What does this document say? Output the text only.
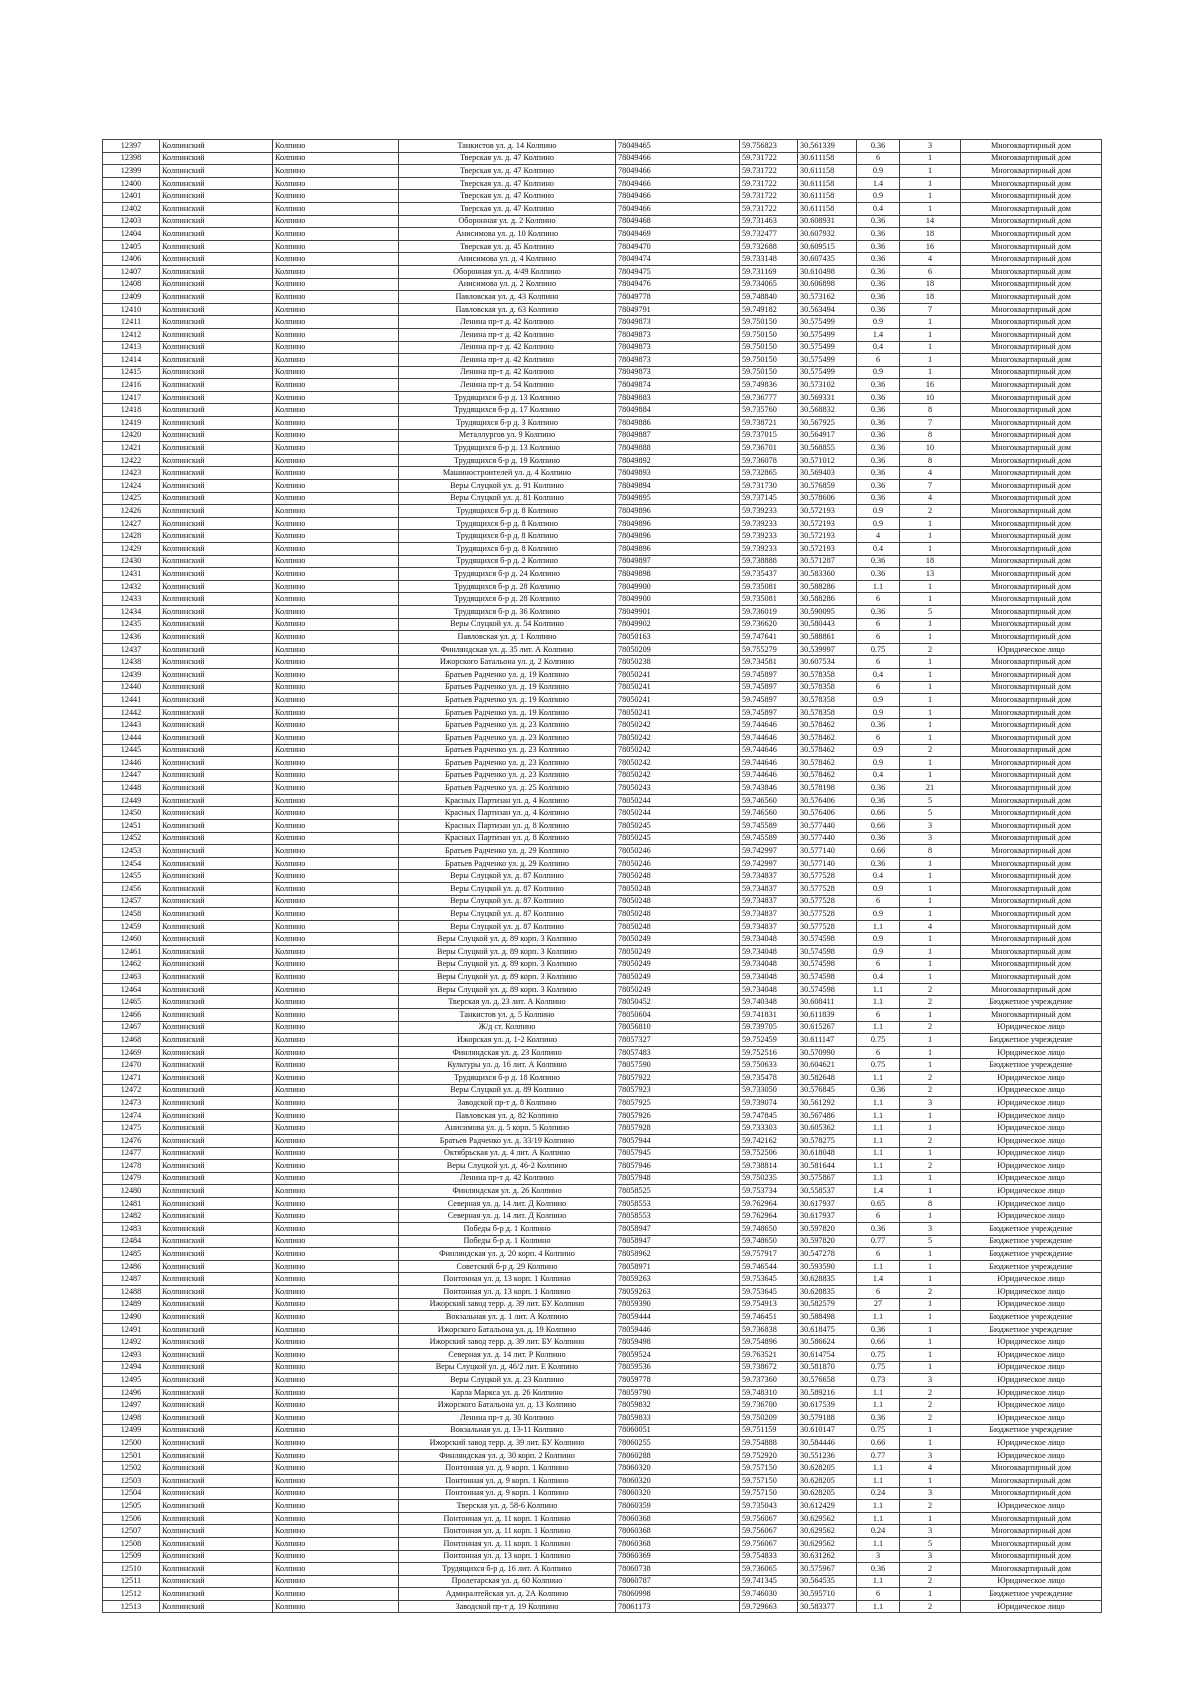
12397	Колпинский	Колпино	Танкистов ул. д. 14 Колпино	78049465	59.756823	30.561339	0.36	3	Многоквартирный дом
12398	Колпинский	Колпино	Тверская ул. д. 47 Колпино	78049466	59.731722	30.611158	6	1	Многоквартирный дом
12399	Колпинский	Колпино	Тверская ул. д. 47 Колпино	78049466	59.731722	30.611158	0.9	1	Многоквартирный дом
12400	Колпинский	Колпино	Тверская ул. д. 47 Колпино	78049466	59.731722	30.611158	1.4	1	Многоквартирный дом
12401	Колпинский	Колпино	Тверская ул. д. 47 Колпино	78049466	59.731722	30.611158	0.9	1	Многоквартирный дом
12402	Колпинский	Колпино	Тверская ул. д. 47 Колпино	78049466	59.731722	30.611158	0.4	1	Многоквартирный дом
12403	Колпинский	Колпино	Оборонная ул. д. 2 Колпино	78049468	59.731463	30.608931	0.36	14	Многоквартирный дом
12404	Колпинский	Колпино	Анисимова ул. д. 10 Колпино	78049469	59.732477	30.607932	0.36	18	Многоквартирный дом
12405	Колпинский	Колпино	Тверская ул. д. 45 Колпино	78049470	59.732688	30.609515	0.36	16	Многоквартирный дом
12406	Колпинский	Колпино	Анисимова ул. д. 4 Колпино	78049474	59.733148	30.607435	0.36	4	Многоквартирный дом
12407	Колпинский	Колпино	Оборонная ул. д. 4/49 Колпино	78049475	59.731169	30.610498	0.36	6	Многоквартирный дом
12408	Колпинский	Колпино	Анисимова ул. д. 2 Колпино	78049476	59.734065	30.606898	0.36	18	Многоквартирный дом
12409	Колпинский	Колпино	Павловская ул. д. 43 Колпино	78049778	59.748840	30.573162	0.36	18	Многоквартирный дом
12410	Колпинский	Колпино	Павловская ул. д. 63 Колпино	78049791	59.749182	30.563494	0.36	7	Многоквартирный дом
12411	Колпинский	Колпино	Ленина пр-т д. 42 Колпино	78049873	59.750150	30.575499	0.9	1	Многоквартирный дом
12412	Колпинский	Колпино	Ленина пр-т д. 42 Колпино	78049873	59.750150	30.575499	1.4	1	Многоквартирный дом
12413	Колпинский	Колпино	Ленина пр-т д. 42 Колпино	78049873	59.750150	30.575499	0.4	1	Многоквартирный дом
12414	Колпинский	Колпино	Ленина пр-т д. 42 Колпино	78049873	59.750150	30.575499	6	1	Многоквартирный дом
12415	Колпинский	Колпино	Ленина пр-т д. 42 Колпино	78049873	59.750150	30.575499	0.9	1	Многоквартирный дом
12416	Колпинский	Колпино	Ленина пр-т д. 54 Колпино	78049874	59.749836	30.573102	0.36	16	Многоквартирный дом
12417	Колпинский	Колпино	Трудящихся б-р д. 13 Колпино	78049883	59.736777	30.569331	0.36	10	Многоквартирный дом
12418	Колпинский	Колпино	Трудящихся б-р д. 17 Колпино	78049884	59.735760	30.568832	0.36	8	Многоквартирный дом
12419	Колпинский	Колпино	Трудящихся б-р д. 3 Колпино	78049886	59.738721	30.567925	0.36	7	Многоквартирный дом
12420	Колпинский	Колпино	Металлургов ул. 9 Колпино	78049887	59.737015	30.564917	0.36	8	Многоквартирный дом
12421	Колпинский	Колпино	Трудящихся б-р д. 13 Колпино	78049888	59.736701	30.568855	0.36	10	Многоквартирный дом
12422	Колпинский	Колпино	Трудящихся б-р д. 19 Колпино	78049892	59.736078	30.571012	0.36	8	Многоквартирный дом
12423	Колпинский	Колпино	Машиностроителей ул. д. 4 Колпино	78049893	59.732865	30.569403	0.36	4	Многоквартирный дом
12424	Колпинский	Колпино	Веры Слуцкой ул. д. 91 Колпино	78049894	59.731730	30.576859	0.36	7	Многоквартирный дом
12425	Колпинский	Колпино	Веры Слуцкой ул. д. 81 Колпино	78049895	59.737145	30.578606	0.36	4	Многоквартирный дом
12426	Колпинский	Колпино	Трудящихся б-р д. 8 Колпино	78049896	59.739233	30.572193	0.9	2	Многоквартирный дом
12427	Колпинский	Колпино	Трудящихся б-р д. 8 Колпино	78049896	59.739233	30.572193	0.9	1	Многоквартирный дом
12428	Колпинский	Колпино	Трудящихся б-р д. 8 Колпино	78049896	59.739233	30.572193	4	1	Многоквартирный дом
12429	Колпинский	Колпино	Трудящихся б-р д. 8 Колпино	78049896	59.739233	30.572193	0.4	1	Многоквартирный дом
12430	Колпинский	Колпино	Трудящихся б-р д. 2 Колпино	78049897	59.738888	30.571287	0.36	18	Многоквартирный дом
12431	Колпинский	Колпино	Трудящихся б-р д. 24 Колпино	78049898	59.735437	30.583360	0.36	13	Многоквартирный дом
12432	Колпинский	Колпино	Трудящихся б-р д. 28 Колпино	78049900	59.735081	30.588286	1.1	1	Многоквартирный дом
12433	Колпинский	Колпино	Трудящихся б-р д. 28 Колпино	78049900	59.735081	30.588286	6	1	Многоквартирный дом
12434	Колпинский	Колпино	Трудящихся б-р д. 36 Колпино	78049901	59.736019	30.590095	0.36	5	Многоквартирный дом
12435	Колпинский	Колпино	Веры Слуцкой ул. д. 54 Колпино	78049902	59.736620	30.580443	6	1	Многоквартирный дом
12436	Колпинский	Колпино	Павловская ул. д. 1 Колпино	78050163	59.747641	30.588861	6	1	Многоквартирный дом
12437	Колпинский	Колпино	Финляндская ул. д. 35 лит. А Колпино	78050209	59.755279	30.539997	0.75	2	Юридическое лицо
12438	Колпинский	Колпино	Ижорского Батальона ул. д. 2 Колпино	78050238	59.734581	30.607534	6	1	Многоквартирный дом
12439	Колпинский	Колпино	Братьев Радченко ул. д. 19 Колпино	78050241	59.745897	30.578358	0.4	1	Многоквартирный дом
12440	Колпинский	Колпино	Братьев Радченко ул. д. 19 Колпино	78050241	59.745897	30.578358	6	1	Многоквартирный дом
12441	Колпинский	Колпино	Братьев Радченко ул. д. 19 Колпино	78050241	59.745897	30.578358	0.9	1	Многоквартирный дом
12442	Колпинский	Колпино	Братьев Радченко ул. д. 19 Колпино	78050241	59.745897	30.578358	0.9	1	Многоквартирный дом
12443	Колпинский	Колпино	Братьев Радченко ул. д. 23 Колпино	78050242	59.744646	30.578462	0.36	1	Многоквартирный дом
12444	Колпинский	Колпино	Братьев Радченко ул. д. 23 Колпино	78050242	59.744646	30.578462	6	1	Многоквартирный дом
12445	Колпинский	Колпино	Братьев Радченко ул. д. 23 Колпино	78050242	59.744646	30.578462	0.9	2	Многоквартирный дом
12446	Колпинский	Колпино	Братьев Радченко ул. д. 23 Колпино	78050242	59.744646	30.578462	0.9	1	Многоквартирный дом
12447	Колпинский	Колпино	Братьев Радченко ул. д. 23 Колпино	78050242	59.744646	30.578462	0.4	1	Многоквартирный дом
12448	Колпинский	Колпино	Братьев Радченко ул. д. 25 Колпино	78050243	59.743846	30.578198	0.36	21	Многоквартирный дом
12449	Колпинский	Колпино	Красных Партизан ул. д. 4 Колпино	78050244	59.746560	30.576406	0.36	5	Многоквартирный дом
12450	Колпинский	Колпино	Красных Партизан ул. д. 4 Колпино	78050244	59.746560	30.576406	0.66	5	Многоквартирный дом
12451	Колпинский	Колпино	Красных Партизан ул. д. 8 Колпино	78050245	59.745589	30.577440	0.66	3	Многоквартирный дом
12452	Колпинский	Колпино	Красных Партизан ул. д. 8 Колпино	78050245	59.745589	30.577440	0.36	3	Многоквартирный дом
12453	Колпинский	Колпино	Братьев Радченко ул. д. 29 Колпино	78050246	59.742997	30.577140	0.66	8	Многоквартирный дом
12454	Колпинский	Колпино	Братьев Радченко ул. д. 29 Колпино	78050246	59.742997	30.577140	0.36	1	Многоквартирный дом
12455	Колпинский	Колпино	Веры Слуцкой ул. д. 87 Колпино	78050248	59.734837	30.577528	0.4	1	Многоквартирный дом
12456	Колпинский	Колпино	Веры Слуцкой ул. д. 87 Колпино	78050248	59.734837	30.577528	0.9	1	Многоквартирный дом
12457	Колпинский	Колпино	Веры Слуцкой ул. д. 87 Колпино	78050248	59.734837	30.577528	6	1	Многоквартирный дом
12458	Колпинский	Колпино	Веры Слуцкой ул. д. 87 Колпино	78050248	59.734837	30.577528	0.9	1	Многоквартирный дом
12459	Колпинский	Колпино	Веры Слуцкой ул. д. 87 Колпино	78050248	59.734837	30.577528	1.1	4	Многоквартирный дом
12460	Колпинский	Колпино	Веры Слуцкой ул. д. 89 корп. 3 Колпино	78050249	59.734048	30.574598	0.9	1	Многоквартирный дом
12461	Колпинский	Колпино	Веры Слуцкой ул. д. 89 корп. 3 Колпино	78050249	59.734048	30.574598	0.9	1	Многоквартирный дом
12462	Колпинский	Колпино	Веры Слуцкой ул. д. 89 корп. 3 Колпино	78050249	59.734048	30.574598	6	1	Многоквартирный дом
12463	Колпинский	Колпино	Веры Слуцкой ул. д. 89 корп. 3 Колпино	78050249	59.734048	30.574598	0.4	1	Многоквартирный дом
12464	Колпинский	Колпино	Веры Слуцкой ул. д. 89 корп. 3 Колпино	78050249	59.734048	30.574598	1.1	2	Многоквартирный дом
12465	Колпинский	Колпино	Тверская ул. д. 23 лит. А Колпино	78050452	59.740348	30.608411	1.1	2	Бюджетное учреждение
12466	Колпинский	Колпино	Танкистов ул. д. 5 Колпино	78050604	59.741831	30.611839	6	1	Многоквартирный дом
12467	Колпинский	Колпино	Ж/д ст. Колпино	78056810	59.739705	30.615267	1.1	2	Юридическое лицо
12468	Колпинский	Колпино	Ижорская ул. д. 1-2 Колпино	78057327	59.752459	30.611147	0.75	1	Бюджетное учреждение
12469	Колпинский	Колпино	Финляндская ул. д. 23 Колпино	78057483	59.752516	30.570990	6	1	Юридическое лицо
12470	Колпинский	Колпино	Культуры ул. д. 16 лит. А Колпино	78057590	59.750633	30.604621	0.75	1	Бюджетное учреждение
12471	Колпинский	Колпино	Трудящихся б-р д. 18 Колпино	78057922	59.735478	30.582648	1.1	2	Юридическое лицо
12472	Колпинский	Колпино	Веры Слуцкой ул. д. 89 Колпино	78057923	59.733050	30.576845	0.36	2	Юридическое лицо
12473	Колпинский	Колпино	Заводской пр-т д. 8 Колпино	78057925	59.739074	30.561292	1.1	3	Юридическое лицо
12474	Колпинский	Колпино	Павловская ул. д. 82 Колпино	78057926	59.747845	30.567486	1.1	1	Юридическое лицо
12475	Колпинский	Колпино	Анисимова ул. д. 5 корп. 5 Колпино	78057928	59.733303	30.605362	1.1	1	Юридическое лицо
12476	Колпинский	Колпино	Братьев Радченко ул. д. 33/19 Колпино	78057944	59.742162	30.578275	1.1	2	Юридическое лицо
12477	Колпинский	Колпино	Октябрьская ул. д. 4 лит. А Колпино	78057945	59.752506	30.618048	1.1	1	Юридическое лицо
12478	Колпинский	Колпино	Веры Слуцкой ул. д. 46-2 Колпино	78057946	59.738814	30.581644	1.1	2	Юридическое лицо
12479	Колпинский	Колпино	Ленина пр-т д. 42 Колпино	78057948	59.750235	30.575867	1.1	1	Юридическое лицо
12480	Колпинский	Колпино	Финляндская ул. д. 26 Колпино	78058525	59.753734	30.558537	1.4	1	Юридическое лицо
12481	Колпинский	Колпино	Северная ул. д. 14 лит. Д Колпино	78058553	59.762964	30.617937	0.65	8	Юридическое лицо
12482	Колпинский	Колпино	Северная ул. д. 14 лит. Д Колпино	78058553	59.762964	30.617937	6	1	Юридическое лицо
12483	Колпинский	Колпино	Победы б-р д. 1 Колпино	78058947	59.748650	30.597820	0.36	3	Бюджетное учреждение
12484	Колпинский	Колпино	Победы б-р д. 1 Колпино	78058947	59.748650	30.597820	0.77	5	Бюджетное учреждение
12485	Колпинский	Колпино	Финляндская ул. д. 20 корп. 4 Колпино	78058962	59.757917	30.547278	6	1	Бюджетное учреждение
12486	Колпинский	Колпино	Советский б-р д. 29 Колпино	78058971	59.746544	30.593590	1.1	1	Бюджетное учреждение
12487	Колпинский	Колпино	Понтонная ул. д. 13 корп. 1 Колпино	78059263	59.753645	30.628835	1.4	1	Юридическое лицо
12488	Колпинский	Колпино	Понтонная ул. д. 13 корп. 1 Колпино	78059263	59.753645	30.628835	6	2	Юридическое лицо
12489	Колпинский	Колпино	Ижорский завод терр. д. 39 лит. БУ Колпино	78059390	59.754913	30.582579	27	1	Юридическое лицо
12490	Колпинский	Колпино	Вокзальная ул. д. 1 лит. А Колпино	78059444	59.746451	30.588498	1.1	1	Бюджетное учреждение
12491	Колпинский	Колпино	Ижорского Батальона ул. д. 19 Колпино	78059446	59.736838	30.618475	0.36	1	Бюджетное учреждение
12492	Колпинский	Колпино	Ижорский завод терр. д. 39 лит. БУ Колпино	78059498	59.754896	30.586624	0.66	1	Юридическое лицо
12493	Колпинский	Колпино	Северная ул. д. 14 лит. Р Колпино	78059524	59.763521	30.614754	0.75	1	Юридическое лицо
12494	Колпинский	Колпино	Веры Слуцкой ул. д. 46/2 лит. Е Колпино	78059536	59.738672	30.581870	0.75	1	Юридическое лицо
12495	Колпинский	Колпино	Веры Слуцкой ул. д. 23 Колпино	78059778	59.737360	30.576658	0.73	3	Юридическое лицо
12496	Колпинский	Колпино	Карла Маркса ул. д. 26 Колпино	78059790	59.748310	30.589216	1.1	2	Юридическое лицо
12497	Колпинский	Колпино	Ижорского Батальона ул. д. 13 Колпино	78059832	59.736700	30.617539	1.1	2	Юридическое лицо
12498	Колпинский	Колпино	Ленина пр-т д. 30 Колпино	78059833	59.750209	30.579188	0.36	2	Юридическое лицо
12499	Колпинский	Колпино	Вокзальная ул. д. 13-11 Колпино	78060051	59.751159	30.610147	0.75	1	Бюджетное учреждение
12500	Колпинский	Колпино	Ижорский завод терр. д. 39 лит. БУ Колпино	78060255	59.754888	30.584446	0.66	1	Юридическое лицо
12501	Колпинский	Колпино	Финляндская ул. д. 30 корп. 2 Колпино	78060288	59.752920	30.551236	0.77	3	Юридическое лицо
12502	Колпинский	Колпино	Понтонная ул. д. 9 корп. 1 Колпино	78060320	59.757150	30.628205	1.1	4	Многоквартирный дом
12503	Колпинский	Колпино	Понтонная ул. д. 9 корп. 1 Колпино	78060320	59.757150	30.628205	1.1	1	Многоквартирный дом
12504	Колпинский	Колпино	Понтонная ул. д. 9 корп. 1 Колпино	78060320	59.757150	30.628205	0.24	3	Многоквартирный дом
12505	Колпинский	Колпино	Тверская ул. д. 58-6 Колпино	78060359	59.735043	30.612429	1.1	2	Юридическое лицо
12506	Колпинский	Колпино	Понтонная ул. д. 11 корп. 1 Колпино	78060368	59.756067	30.629562	1.1	1	Многоквартирный дом
12507	Колпинский	Колпино	Понтонная ул. д. 11 корп. 1 Колпино	78060368	59.756067	30.629562	0.24	3	Многоквартирный дом
12508	Колпинский	Колпино	Понтонная ул. д. 11 корп. 1 Колпино	78060368	59.756067	30.629562	1.1	5	Многоквартирный дом
12509	Колпинский	Колпино	Понтонная ул. д. 13 корп. 1 Колпино	78060369	59.754833	30.631262	3	3	Многоквартирный дом
12510	Колпинский	Колпино	Трудящихся б-р д. 16 лит. А Колпино	78060738	59.736065	30.575967	0.36	2	Многоквартирный дом
12511	Колпинский	Колпино	Пролетарская ул. д. 60 Колпино	78060787	59.741345	30.564535	1.1	2	Юридическое лицо
12512	Колпинский	Колпино	Адмиралтейская ул. д. 2А Колпино	78060998	59.746030	30.595710	6	1	Бюджетное учреждение
12513	Колпинский	Колпино	Заводской пр-т д. 19 Колпино	78061173	59.729663	30.583377	1.1	2	Юридическое лицо
